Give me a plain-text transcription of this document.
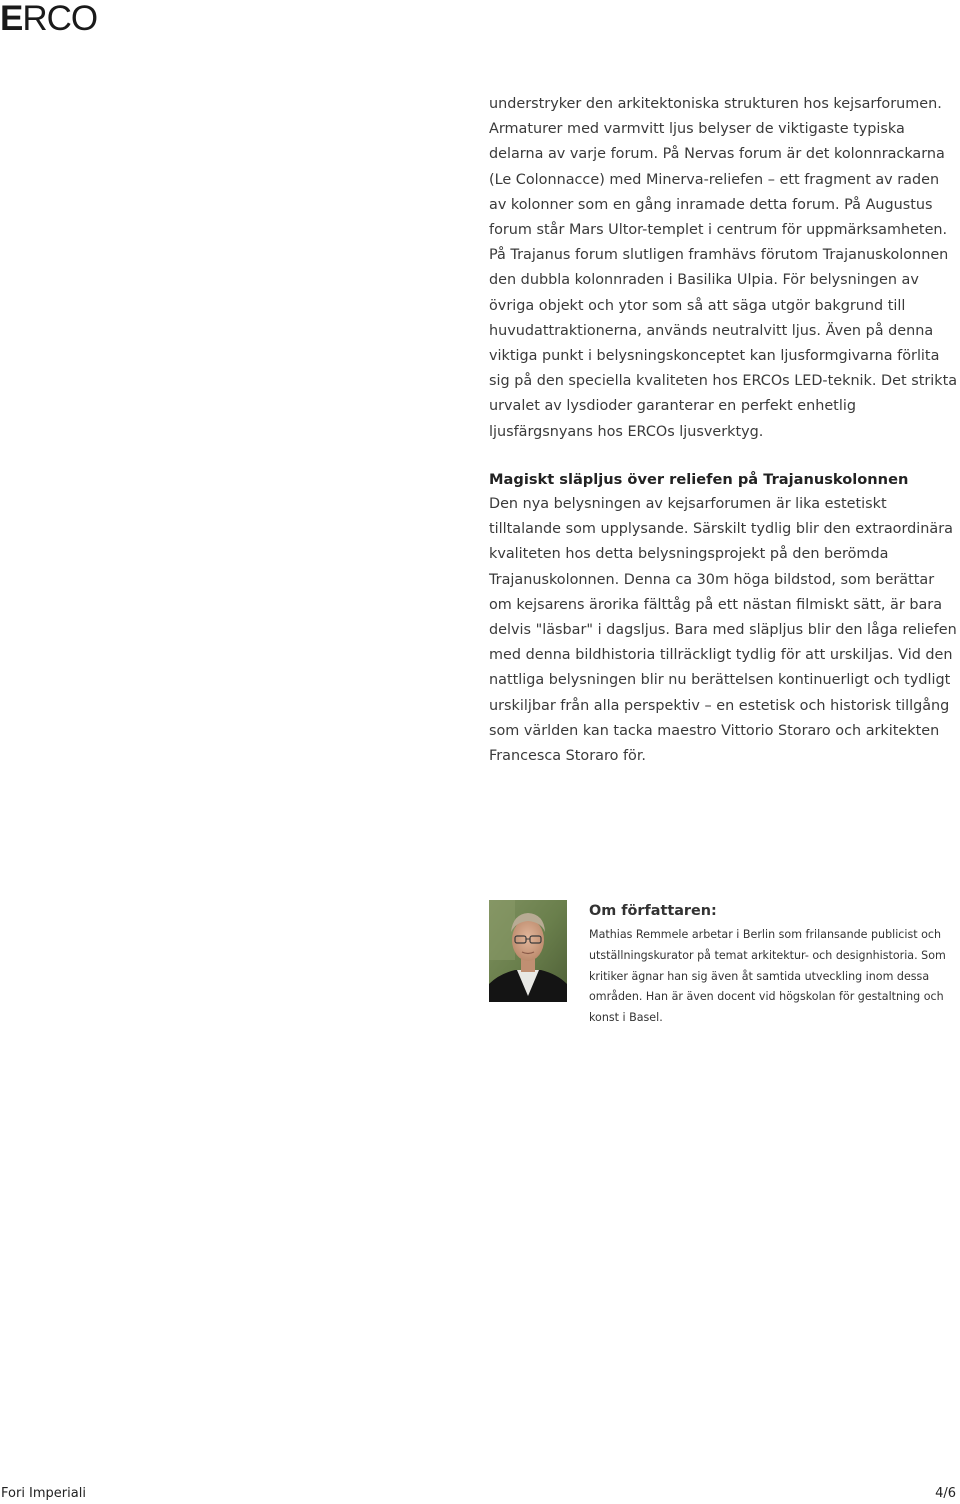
ERCO

understryker den arkitektoniska strukturen hos kejsarforumen. Armaturer med varmvitt ljus belyser de viktigaste typiska delarna av varje forum. På Nervas forum är det kolonnrackarna (Le Colonnacce) med Minerva-reliefen – ett fragment av raden av kolonner som en gång inramade detta forum. På Augustus forum står Mars Ultor-templet i centrum för uppmärksamheten. På Trajanus forum slutligen framhävs förutom Trajanuskolonnen den dubbla kolonnraden i Basilika Ulpia. För belysningen av övriga objekt och ytor som så att säga utgör bakgrund till huvudattraktionerna, används neutralvitt ljus. Även på denna viktiga punkt i belysningskonceptet kan ljusformgivarna förlita sig på den speciella kvaliteten hos ERCOs LED-teknik. Det strikta urvalet av lysdioder garanterar en perfekt enhetlig ljusfärgsnyans hos ERCOs ljusverktyg.

Magiskt släpljus över reliefen på Trajanuskolonnen

Den nya belysningen av kejsarforumen är lika estetiskt tilltalande som upplysande. Särskilt tydlig blir den extraordinära kvaliteten hos detta belysningsprojekt på den berömda Trajanuskolonnen. Denna ca 30m höga bildstod, som berättar om kejsarens ärorika fälttåg på ett nästan filmiskt sätt, är bara delvis "läsbar" i dagsljus. Bara med släpljus blir den låga reliefen med denna bildhistoria tillräckligt tydlig för att urskiljas. Vid den nattliga belysningen blir nu berättelsen kontinuerligt och tydligt urskiljbar från alla perspektiv – en estetisk och historisk tillgång som världen kan tacka maestro Vittorio Storaro och arkitekten Francesca Storaro för.

Om författaren:

Mathias Remmele arbetar i Berlin som frilansande publicist och utställningskurator på temat arkitektur- och designhistoria. Som kritiker ägnar han sig även åt samtida utveckling inom dessa områden. Han är även docent vid högskolan för gestaltning och konst i Basel.

Fori Imperiali	4/6
